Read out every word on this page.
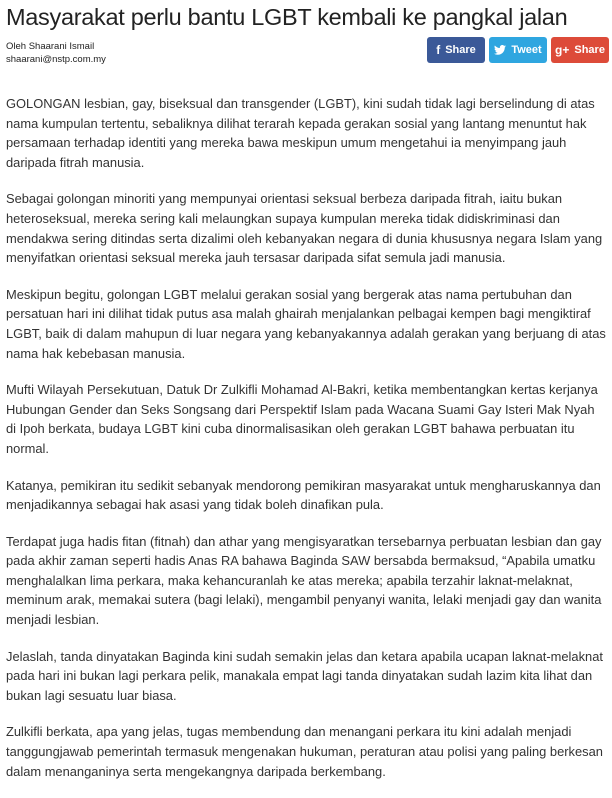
Masyarakat perlu bantu LGBT kembali ke pangkal jalan
Oleh Shaarani Ismail
shaarani@nstp.com.my
f Share	Tweet g+ Share

GOLONGAN lesbian, gay, biseksual dan transgender (LGBT), kini sudah tidak lagi berselindung di atas nama kumpulan tertentu, sebaliknya dilihat terarah kepada gerakan sosial yang lantang menuntut hak persamaan terhadap identiti yang mereka bawa meskipun umum mengetahui ia menyimpang jauh daripada fitrah manusia.

Sebagai golongan minoriti yang mempunyai orientasi seksual berbeza daripada fitrah, iaitu bukan heteroseksual, mereka sering kali melaungkan supaya kumpulan mereka tidak didiskriminasi dan mendakwa sering ditindas serta dizalimi oleh kebanyakan negara di dunia khususnya negara Islam yang menyifatkan orientasi seksual mereka jauh tersasar daripada sifat semula jadi manusia.

Meskipun begitu, golongan LGBT melalui gerakan sosial yang bergerak atas nama pertubuhan dan persatuan hari ini dilihat tidak putus asa malah ghairah menjalankan pelbagai kempen bagi mengiktiraf LGBT, baik di dalam mahupun di luar negara yang kebanyakannya adalah gerakan yang berjuang di atas nama hak kebebasan manusia.

Mufti Wilayah Persekutuan, Datuk Dr Zulkifli Mohamad Al-Bakri, ketika membentangkan kertas kerjanya Hubungan Gender dan Seks Songsang dari Perspektif Islam pada Wacana Suami Gay Isteri Mak Nyah di Ipoh berkata, budaya LGBT kini cuba dinormalisasikan oleh gerakan LGBT bahawa perbuatan itu normal.

Katanya, pemikiran itu sedikit sebanyak mendorong pemikiran masyarakat untuk mengharuskannya dan menjadikannya sebagai hak asasi yang tidak boleh dinafikan pula.

Terdapat juga hadis fitan (fitnah) dan athar yang mengisyaratkan tersebarnya perbuatan lesbian dan gay pada akhir zaman seperti hadis Anas RA bahawa Baginda SAW bersabda bermaksud, “Apabila umatku menghalalkan lima perkara, maka kehancuranlah ke atas mereka; apabila terzahir laknat-melaknat, meminum arak, memakai sutera (bagi lelaki), mengambil penyanyi wanita, lelaki menjadi gay dan wanita menjadi lesbian.

Jelaslah, tanda dinyatakan Baginda kini sudah semakin jelas dan ketara apabila ucapan laknat-melaknat pada hari ini bukan lagi perkara pelik, manakala empat lagi tanda dinyatakan sudah lazim kita lihat dan bukan lagi sesuatu luar biasa.

Zulkifli berkata, apa yang jelas, tugas membendung dan menangani perkara itu kini adalah menjadi tanggungjawab pemerintah termasuk mengenakan hukuman, peraturan atau polisi yang paling berkesan dalam menanganinya serta mengekangnya daripada berkembang.
